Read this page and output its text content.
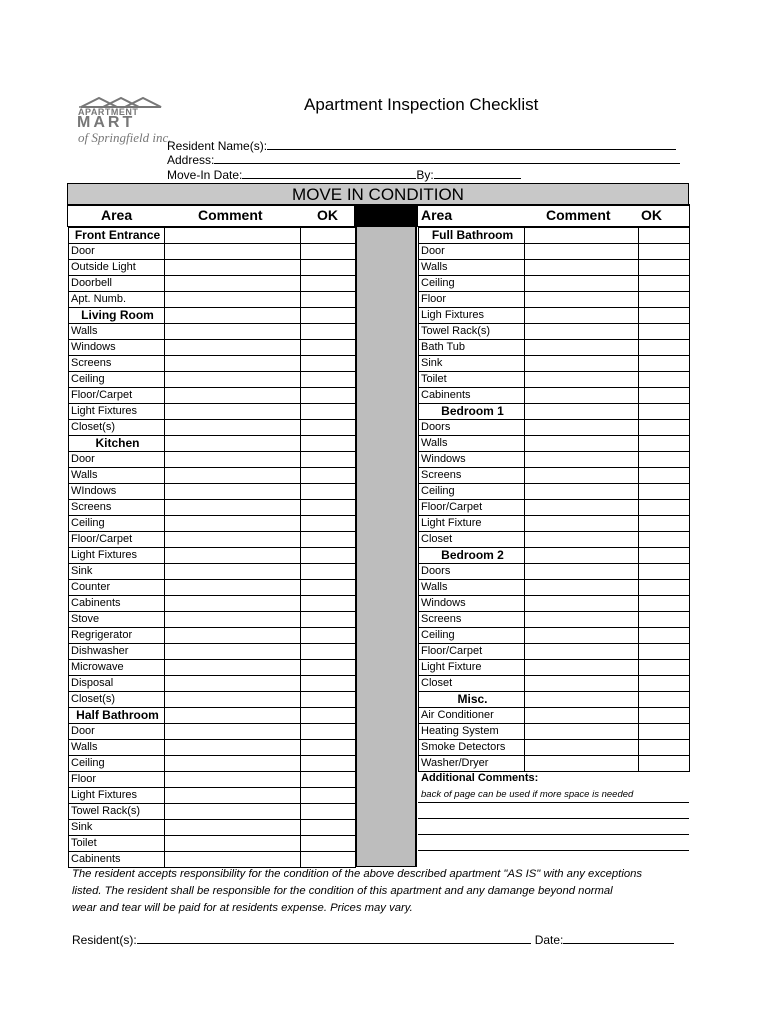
APARTMENT
MART
of Springfield inc.
Apartment Inspection Checklist
Resident Name(s):
Address:
Move-In Date:	By:
MOVE IN CONDITION
Area	Comment	OK	Area	Comment OK
Front Entrance		
Door		
Outside Light		
Doorbell		
Apt. Numb.		
Living Room		
Walls		
Windows		
Screens		
Ceiling		
Floor/Carpet		
Light Fixtures		
Closet(s)		
Kitchen		
Door		
Walls		
WIndows		
Screens		
Ceiling		
Floor/Carpet		
Light Fixtures		
Sink		
Counter		
Cabinents		
Stove		
Regrigerator		
Dishwasher		
Microwave		
Disposal		
Closet(s)		
Half Bathroom		
Door		
Walls		
Ceiling		
Floor		
Light Fixtures		
Towel Rack(s)		
Sink		
Toilet		
Cabinents		
Full Bathroom		
Door		
Walls		
Ceiling		
Floor		
Ligh Fixtures		
Towel Rack(s)		
Bath Tub		
Sink		
Toilet		
Cabinents		
Bedroom 1		
Doors		
Walls		
Windows		
Screens		
Ceiling		
Floor/Carpet		
Light Fixture		
Closet		
Bedroom 2		
Doors		
Walls		
Windows		
Screens		
Ceiling		
Floor/Carpet		
Light Fixture		
Closet		
Misc.		
Air Conditioner		
Heating System		
Smoke Detectors		
Washer/Dryer		
Additional Comments:
back of page can be used if more space is needed
The resident accepts responsibility for the condition of the above described apartment "AS IS" with any exceptions
listed. The resident shall be responsible for the condition of this apartment and any damange beyond normal
wear and tear will be paid for at residents expense. Prices may vary.
Resident(s):	Date:
